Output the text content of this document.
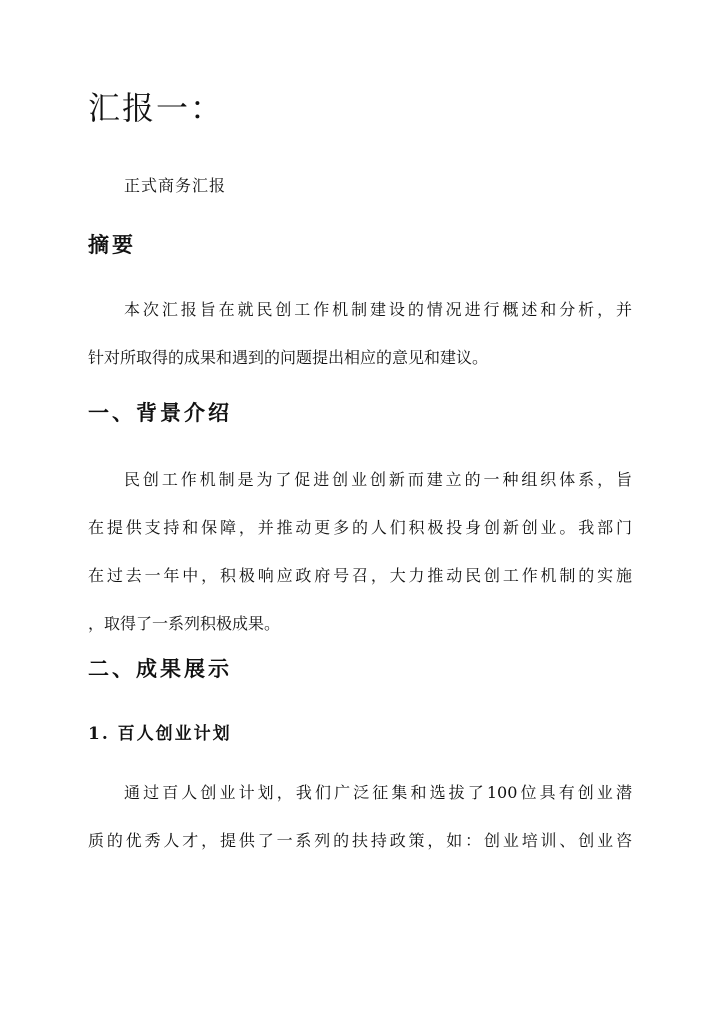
汇报一：
正式商务汇报
摘要
本次汇报旨在就民创工作机制建设的情况进行概述和分析，并
针对所取得的成果和遇到的问题提出相应的意见和建议。
一、背景介绍
民创工作机制是为了促进创业创新而建立的一种组织体系，旨
在提供支持和保障，并推动更多的人们积极投身创新创业。我部门
在过去一年中，积极响应政府号召，大力推动民创工作机制的实施
，取得了一系列积极成果。
二、成果展示
1. 百人创业计划
通过百人创业计划，我们广泛征集和选拔了100位具有创业潜
质的优秀人才，提供了一系列的扶持政策，如：创业培训、创业咨
